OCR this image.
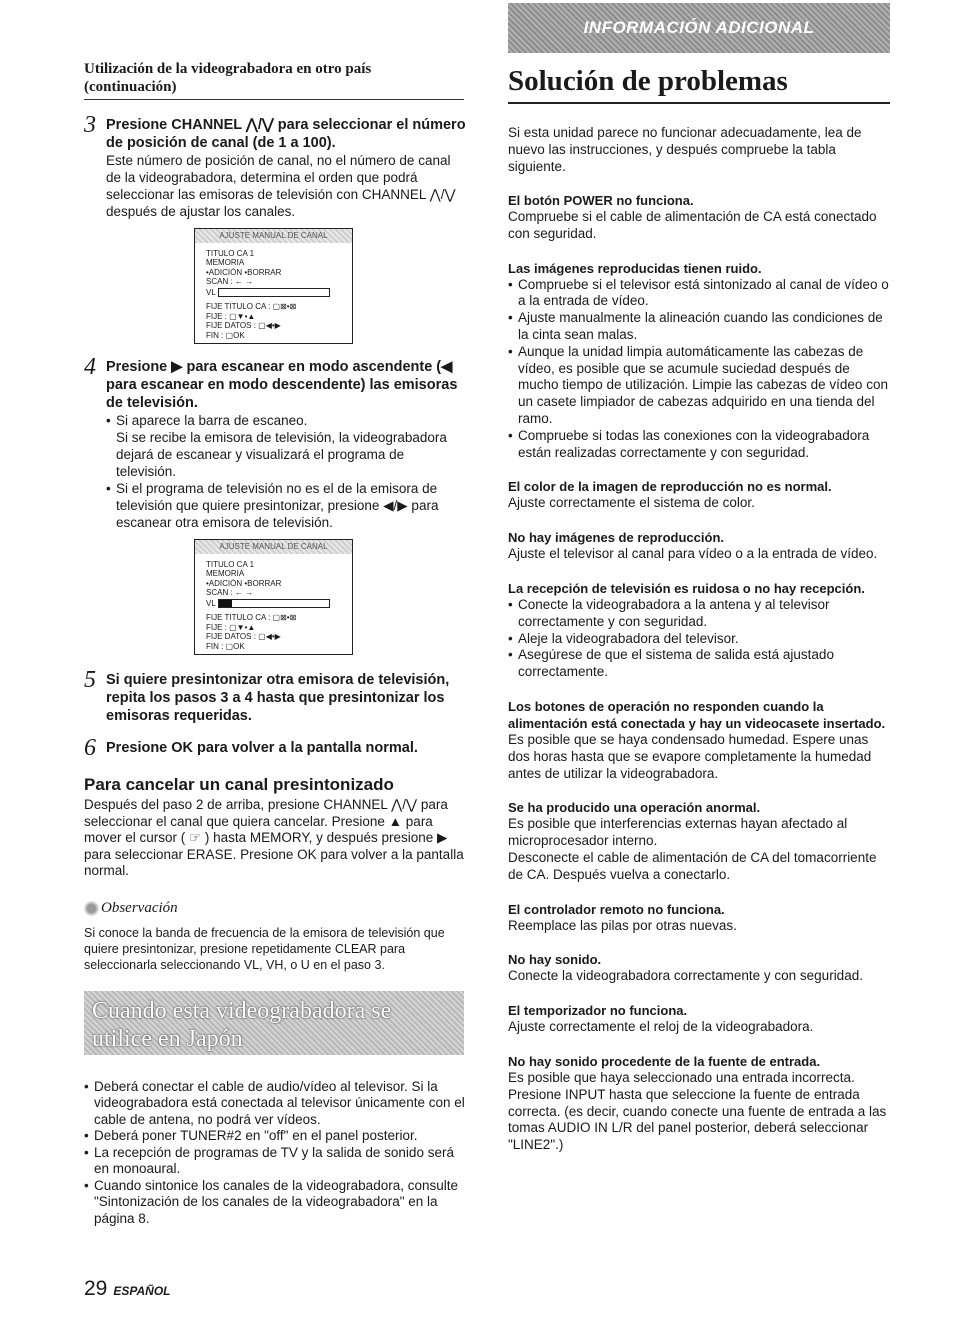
Utilización de la videograbadora en otro país (continuación)
3 Presione CHANNEL ⋀/⋁ para seleccionar el número de posición de canal (de 1 a 100).

Este número de posición de canal, no el número de canal de la videograbadora, determina el orden que podrá seleccionar las emisoras de televisión con CHANNEL ⋀/⋁ después de ajustar los canales.

AJUSTE MANUAL DE CANAL
TITULO CA 1
MEMORIA
•ADICIÓN •BORRAR
SCAN : ← →
VL
FIJE TITULO CA : ▢⊠•⊠
FIJE : ▢▼•▲
FIJE DATOS : ▢◀•▶
FIN : ▢OK
4 Presione ▶ para escanear en modo ascendente (◀ para escanear en modo descendente) las emisoras de televisión.
• Si aparece la barra de escaneo.
Si se recibe la emisora de televisión, la videograbadora dejará de escanear y visualizará el programa de televisión.
• Si el programa de televisión no es el de la emisora de televisión que quiere presintonizar, presione ◀/▶ para escanear otra emisora de televisión.
AJUSTE MANUAL DE CANAL
TITULO CA 1
MEMORIA
•ADICIÓN •BORRAR
SCAN : ← →
VL
FIJE TITULO CA : ▢⊠•⊠
FIJE : ▢▼•▲
FIJE DATOS : ▢◀•▶
FIN : ▢OK
5 Si quiere presintonizar otra emisora de televisión, repita los pasos 3 a 4 hasta que presintonizar los emisoras requeridas.
6 Presione OK para volver a la pantalla normal.
Para cancelar un canal presintonizado

Después del paso 2 de arriba, presione CHANNEL ⋀/⋁ para seleccionar el canal que quiera cancelar. Presione ▲ para mover el cursor ( ☞ ) hasta MEMORY, y después presione ▶ para seleccionar ERASE. Presione OK para volver a la pantalla normal.

Observación
Si conoce la banda de frecuencia de la emisora de televisión que quiere presintonizar, presione repetidamente CLEAR para seleccionarla seleccionando VL, VH, o U en el paso 3.
Cuando esta videograbadora se
utilice en Japón
• Deberá conectar el cable de audio/vídeo al televisor. Si la videograbadora está conectada al televisor únicamente con el cable de antena, no podrá ver vídeos.
• Deberá poner TUNER#2 en "off" en el panel posterior.
• La recepción de programas de TV y la salida de sonido será en monoaural.
• Cuando sintonice los canales de la videograbadora, consulte "Sintonización de los canales de la videograbadora" en la página 8.
29 ESPAÑOL
INFORMACIÓN ADICIONAL
Solución de problemas
Si esta unidad parece no funcionar adecuadamente, lea de nuevo las instrucciones, y después compruebe la tabla siguiente.
El botón POWER no funciona.
Compruebe si el cable de alimentación de CA está conectado con seguridad.
Las imágenes reproducidas tienen ruido.
• Compruebe si el televisor está sintonizado al canal de vídeo o a la entrada de vídeo.
• Ajuste manualmente la alineación cuando las condiciones de la cinta sean malas.
• Aunque la unidad limpia automáticamente las cabezas de vídeo, es posible que se acumule suciedad después de mucho tiempo de utilización. Limpie las cabezas de vídeo con un casete limpiador de cabezas adquirido en una tienda del ramo.
• Compruebe si todas las conexiones con la videograbadora están realizadas correctamente y con seguridad.
El color de la imagen de reproducción no es normal.
Ajuste correctamente el sistema de color.
No hay imágenes de reproducción.
Ajuste el televisor al canal para vídeo o a la entrada de vídeo.
La recepción de televisión es ruidosa o no hay recepción.
• Conecte la videograbadora a la antena y al televisor correctamente y con seguridad.
• Aleje la videograbadora del televisor.
• Asegúrese de que el sistema de salida está ajustado correctamente.
Los botones de operación no responden cuando la alimentación está conectada y hay un videocasete insertado.
Es posible que se haya condensado humedad. Espere unas dos horas hasta que se evapore completamente la humedad antes de utilizar la videograbadora.
Se ha producido una operación anormal.
Es posible que interferencias externas hayan afectado al microprocesador interno.
Desconecte el cable de alimentación de CA del tomacorriente de CA. Después vuelva a conectarlo.
El controlador remoto no funciona.
Reemplace las pilas por otras nuevas.
No hay sonido.
Conecte la videograbadora correctamente y con seguridad.
El temporizador no funciona.
Ajuste correctamente el reloj de la videograbadora.
No hay sonido procedente de la fuente de entrada.
Es posible que haya seleccionado una entrada incorrecta. Presione INPUT hasta que seleccione la fuente de entrada correcta. (es decir, cuando conecte una fuente de entrada a las tomas AUDIO IN L/R del panel posterior, deberá seleccionar "LINE2".)
